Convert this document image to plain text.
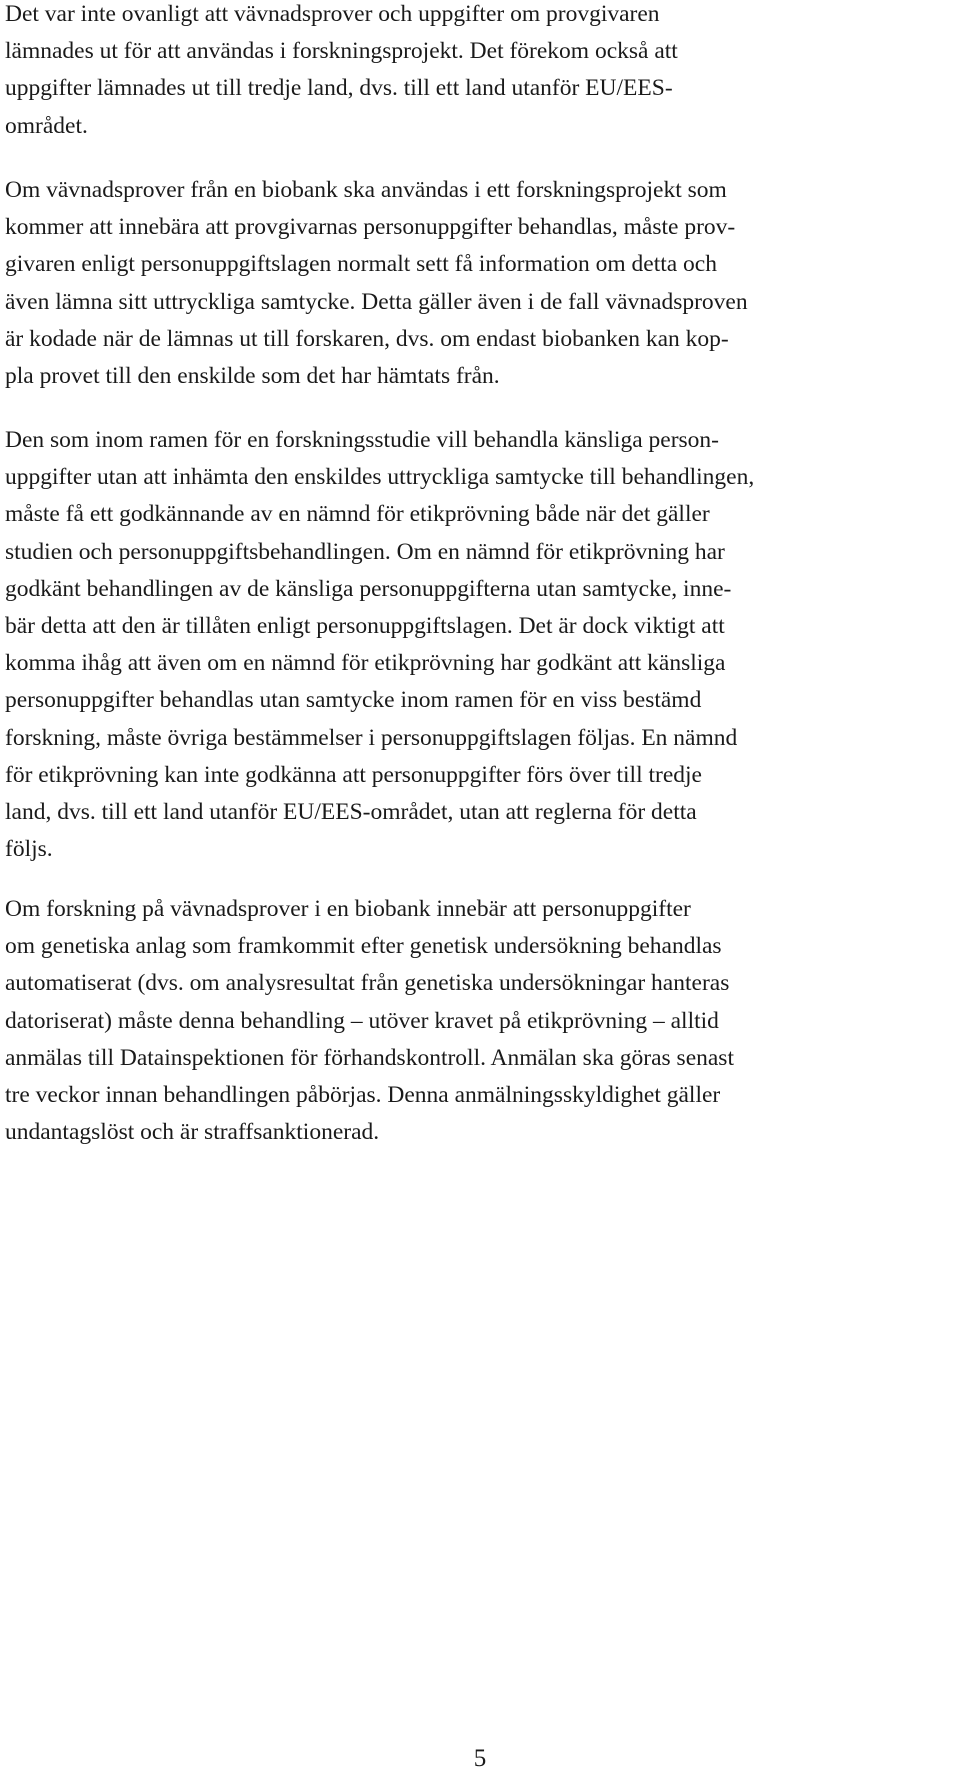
Det var inte ovanligt att vävnadsprover och uppgifter om provgivaren
lämnades ut för att användas i forskningsprojekt. Det förekom också att
uppgifter lämnades ut till tredje land, dvs. till ett land utanför EU/EES-
området.
Om vävnadsprover från en biobank ska användas i ett forskningsprojekt som
kommer att innebära att provgivarnas personuppgifter behandlas, måste prov-
givaren enligt personuppgiftslagen normalt sett få information om detta och
även lämna sitt uttryckliga samtycke. Detta gäller även i de fall vävnadsproven
är kodade när de lämnas ut till forskaren, dvs. om endast biobanken kan kop-
pla provet till den enskilde som det har hämtats från.
Den som inom ramen för en forskningsstudie vill behandla känsliga person-
uppgifter utan att inhämta den enskildes uttryckliga samtycke till behandlingen,
måste få ett godkännande av en nämnd för etikprövning både när det gäller
studien och personuppgiftsbehandlingen. Om en nämnd för etikprövning har
godkänt behandlingen av de känsliga personuppgifterna utan samtycke, inne-
bär detta att den är tillåten enligt personuppgiftslagen. Det är dock viktigt att
komma ihåg att även om en nämnd för etikprövning har godkänt att känsliga
personuppgifter behandlas utan samtycke inom ramen för en viss bestämd
forskning, måste övriga bestämmelser i personuppgiftslagen följas. En nämnd
för etikprövning kan inte godkänna att personuppgifter förs över till tredje
land, dvs. till ett land utanför EU/EES-området, utan att reglerna för detta
följs.
Om forskning på vävnadsprover i en biobank innebär att personuppgifter
om genetiska anlag som framkommit efter genetisk undersökning behandlas
automatiserat (dvs. om analysresultat från genetiska undersökningar hanteras
datoriserat) måste denna behandling – utöver kravet på etikprövning – alltid
anmälas till Datainspektionen för förhandskontroll. Anmälan ska göras senast
tre veckor innan behandlingen påbörjas. Denna anmälningsskyldighet gäller
undantagslöst och är straffsanktionerad.
5
